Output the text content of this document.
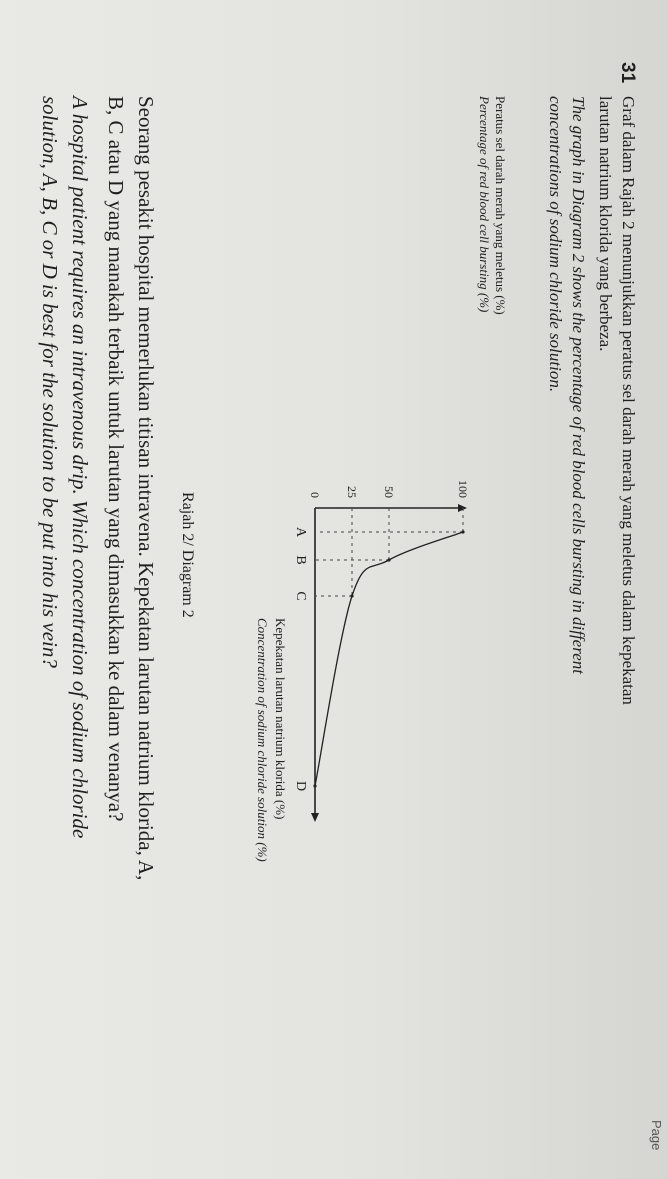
Page
31
Graf dalam Rajah 2 menunjukkan peratus sel darah merah yang meletus dalam kepekatan
larutan natrium klorida yang berbeza.
The graph in Diagram 2 shows the percentage of red blood cells bursting in different
concentrations of sodium chloride solution.
Peratus sel darah merah yang meletus (%)
Percentage of red blood cell bursting (%)
100
50
25
0
A
B
C
D
Kepekatan larutan natrium klorida (%)
Concentration of sodium chloride solution (%)
Rajah 2/ Diagram 2
Seorang pesakit hospital memerlukan titisan intravena. Kepekatan larutan natrium klorida, A,
B, C atau D yang manakah terbaik untuk larutan yang dimasukkan ke dalam venanya?
A hospital patient requires an intravenous drip. Which concentration of sodium chloride
solution, A, B, C or D is best for the solution to be put into his vein?
